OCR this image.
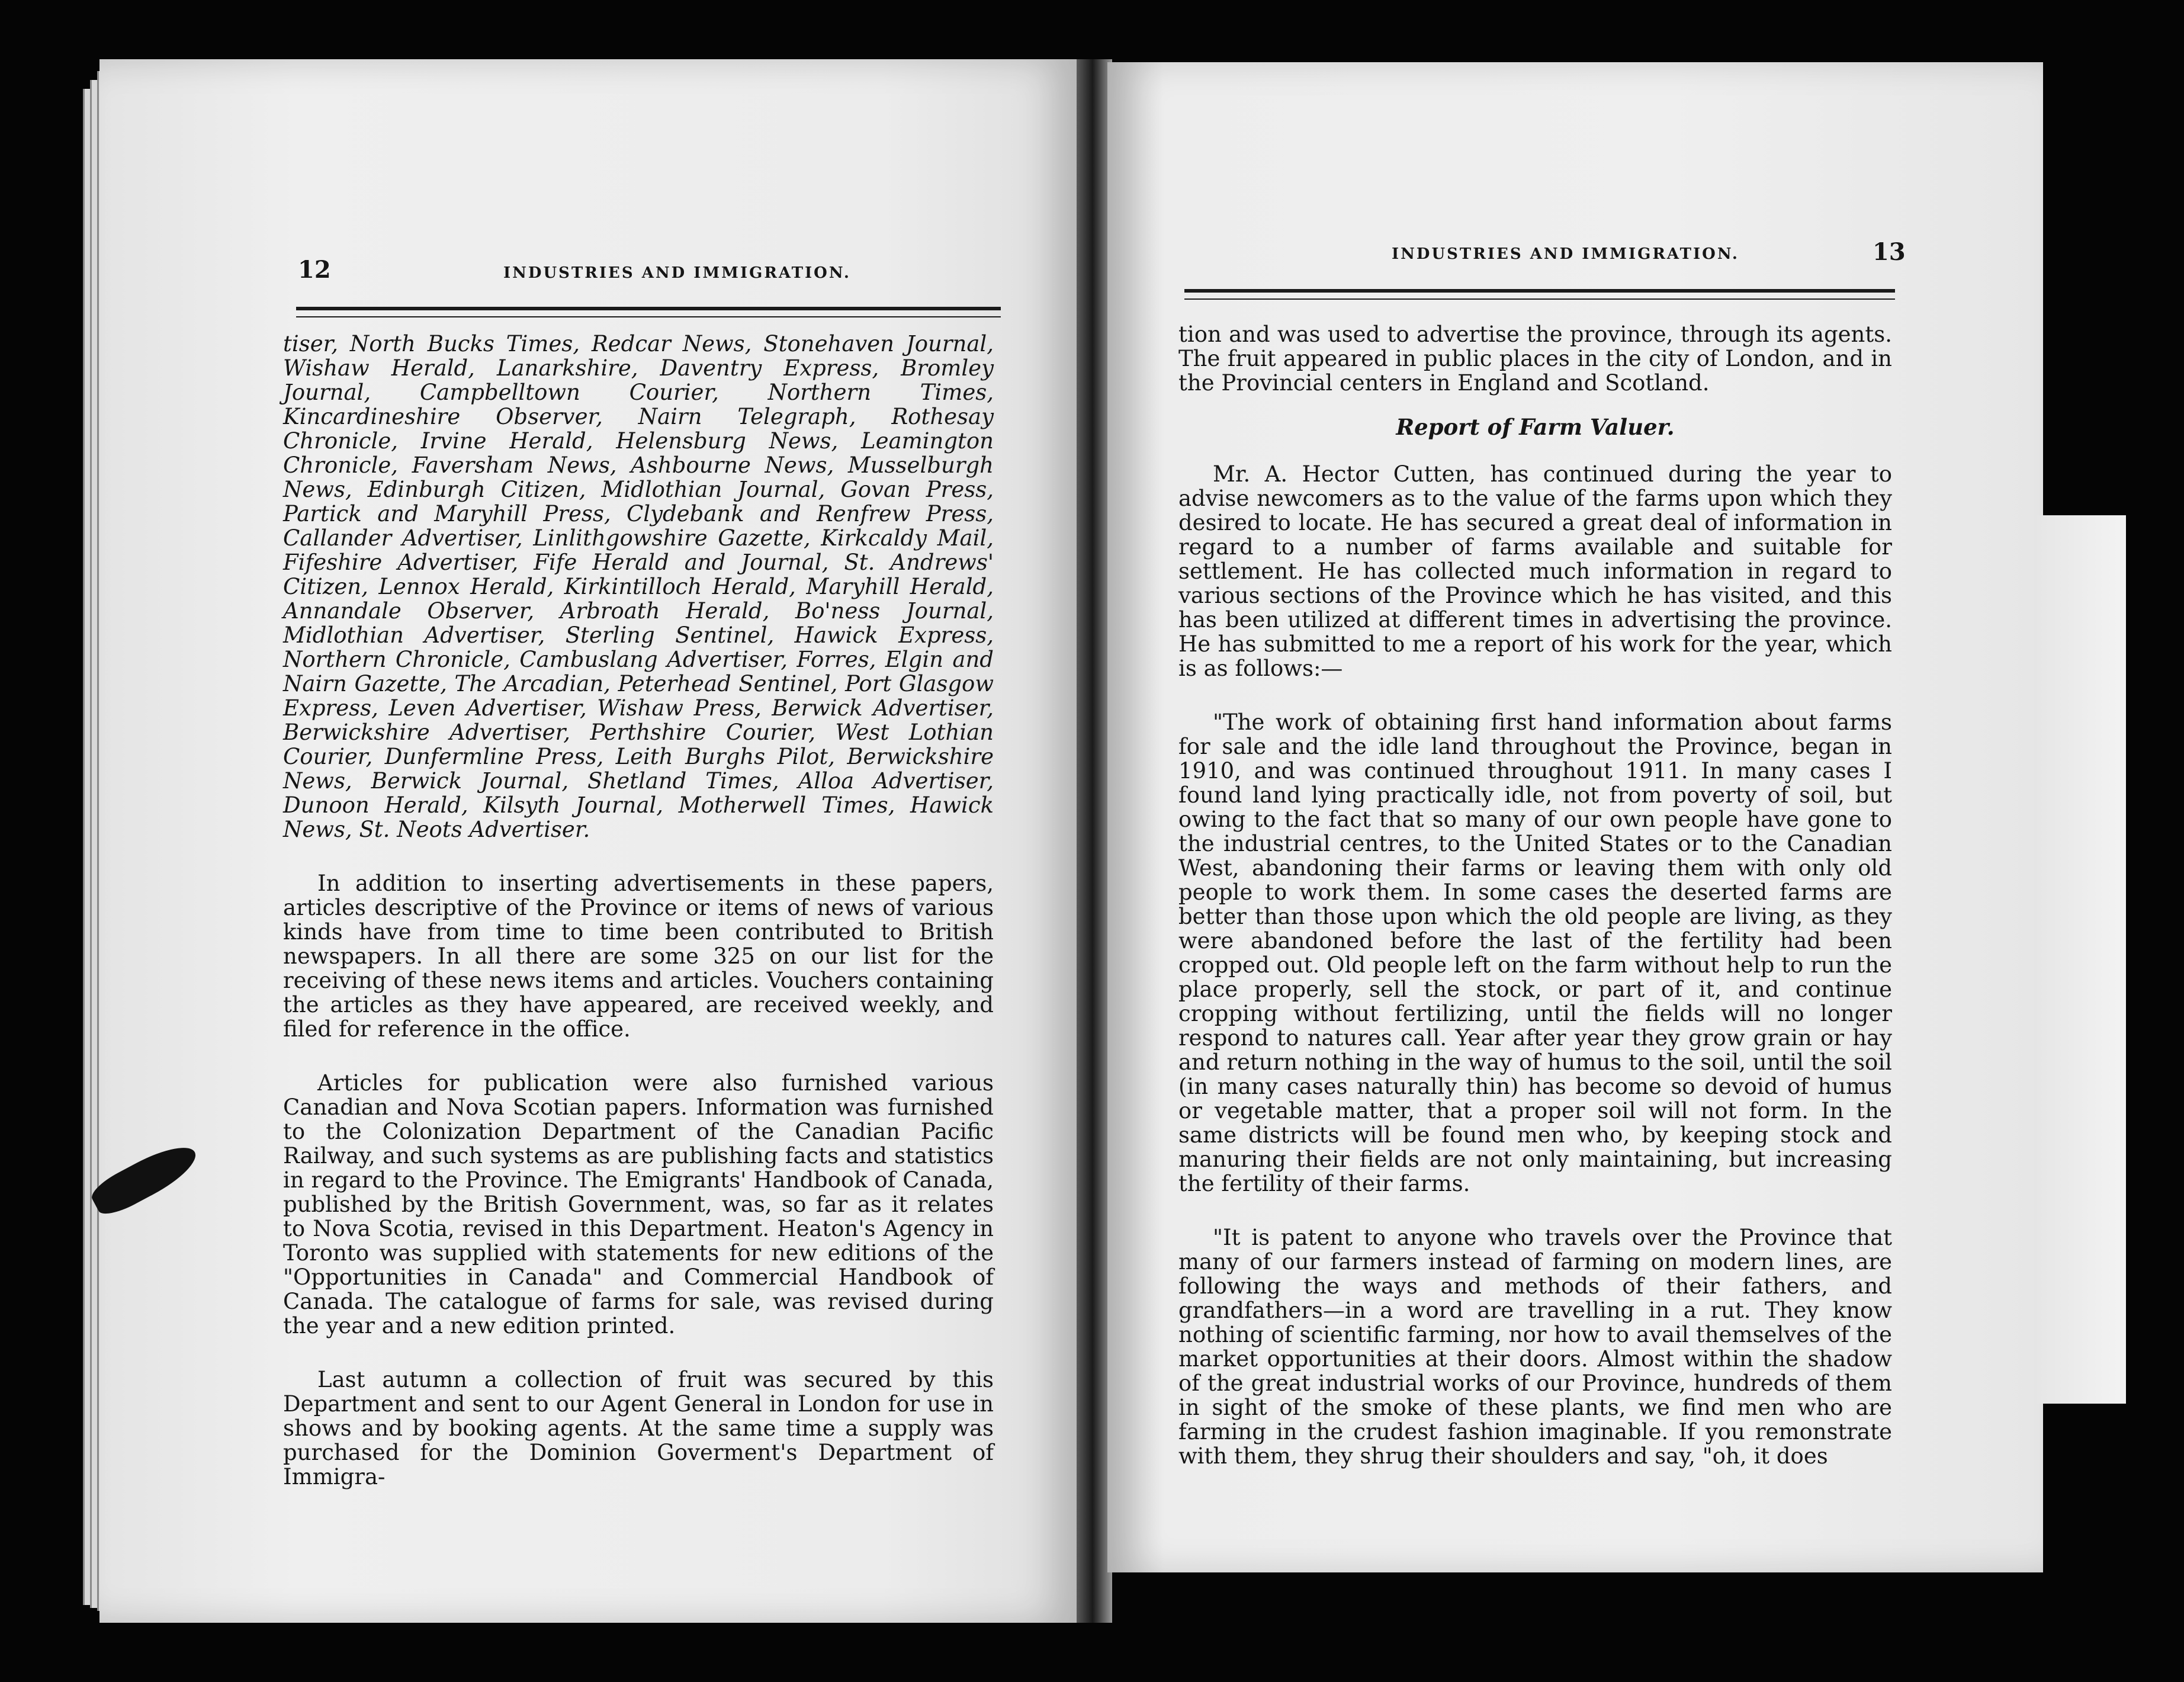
12	INDUSTRIES AND IMMIGRATION.

tiser, North Bucks Times, Redcar News, Stonehaven Journal, Wishaw Herald, Lanarkshire, Daventry Express, Bromley Journal, Campbelltown Courier, Northern Times, Kincardineshire Observer, Nairn Telegraph, Rothesay Chronicle, Irvine Herald, Helensburg News, Leamington Chronicle, Faversham News, Ashbourne News, Musselburgh News, Edinburgh Citizen, Midlothian Journal, Govan Press, Partick and Maryhill Press, Clydebank and Renfrew Press, Callander Advertiser, Linlithgowshire Gazette, Kirkcaldy Mail, Fifeshire Advertiser, Fife Herald and Journal, St. Andrews' Citizen, Lennox Herald, Kirkintilloch Herald, Maryhill Herald, Annandale Observer, Arbroath Herald, Bo'ness Journal, Midlothian Advertiser, Sterling Sentinel, Hawick Express, Northern Chronicle, Cambuslang Advertiser, Forres, Elgin and Nairn Gazette, The Arcadian, Peterhead Sentinel, Port Glasgow Express, Leven Advertiser, Wishaw Press, Berwick Advertiser, Berwickshire Advertiser, Perthshire Courier, West Lothian Courier, Dunfermline Press, Leith Burghs Pilot, Berwickshire News, Berwick Journal, Shetland Times, Alloa Advertiser, Dunoon Herald, Kilsyth Journal, Motherwell Times, Hawick News, St. Neots Advertiser.

In addition to inserting advertisements in these papers, articles descriptive of the Province or items of news of various kinds have from time to time been contributed to British newspapers. In all there are some 325 on our list for the receiving of these news items and articles. Vouchers containing the articles as they have appeared, are received weekly, and filed for reference in the office.

Articles for publication were also furnished various Canadian and Nova Scotian papers. Information was furnished to the Colonization Department of the Canadian Pacific Railway, and such systems as are publishing facts and statistics in regard to the Province. The Emigrants' Handbook of Canada, published by the British Government, was, so far as it relates to Nova Scotia, revised in this Department. Heaton's Agency in Toronto was supplied with statements for new editions of the "Opportunities in Canada" and Commercial Handbook of Canada. The catalogue of farms for sale, was revised during the year and a new edition printed.

Last autumn a collection of fruit was secured by this Department and sent to our Agent General in London for use in shows and by booking agents. At the same time a supply was purchased for the Dominion Goverment's Department of Immigra-

INDUSTRIES AND IMMIGRATION.	13

tion and was used to advertise the province, through its agents. The fruit appeared in public places in the city of London, and in the Provincial centers in England and Scotland.

Report of Farm Valuer.

Mr. A. Hector Cutten, has continued during the year to advise newcomers as to the value of the farms upon which they desired to locate. He has secured a great deal of information in regard to a number of farms available and suitable for settlement. He has collected much information in regard to various sections of the Province which he has visited, and this has been utilized at different times in advertising the province. He has submitted to me a report of his work for the year, which is as follows:—

"The work of obtaining first hand information about farms for sale and the idle land throughout the Province, began in 1910, and was continued throughout 1911. In many cases I found land lying practically idle, not from poverty of soil, but owing to the fact that so many of our own people have gone to the industrial centres, to the United States or to the Canadian West, abandoning their farms or leaving them with only old people to work them. In some cases the deserted farms are better than those upon which the old people are living, as they were abandoned before the last of the fertility had been cropped out. Old people left on the farm without help to run the place properly, sell the stock, or part of it, and continue cropping without fertilizing, until the fields will no longer respond to natures call. Year after year they grow grain or hay and return nothing in the way of humus to the soil, until the soil (in many cases naturally thin) has become so devoid of humus or vegetable matter, that a proper soil will not form. In the same districts will be found men who, by keeping stock and manuring their fields are not only maintaining, but increasing the fertility of their farms.

"It is patent to anyone who travels over the Province that many of our farmers instead of farming on modern lines, are following the ways and methods of their fathers, and grandfathers—in a word are travelling in a rut. They know nothing of scientific farming, nor how to avail themselves of the market opportunities at their doors. Almost within the shadow of the great industrial works of our Province, hundreds of them in sight of the smoke of these plants, we find men who are farming in the crudest fashion imaginable. If you remonstrate with them, they shrug their shoulders and say, "oh, it does
